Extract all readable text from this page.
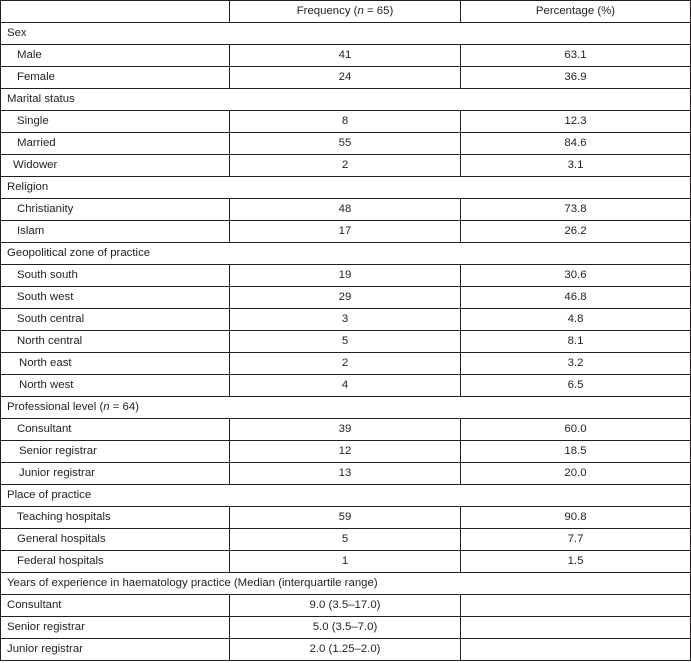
	Frequency (n = 65)	Percentage (%)
Sex		
Male	41	63.1
Female	24	36.9
Marital status		
Single	8	12.3
Married	55	84.6
Widower	2	3.1
Religion		
Christianity	48	73.8
Islam	17	26.2
Geopolitical zone of practice		
South south	19	30.6
South west	29	46.8
South central	3	4.8
North central	5	8.1
North east	2	3.2
North west	4	6.5
Professional level (n = 64)		
Consultant	39	60.0
Senior registrar	12	18.5
Junior registrar	13	20.0
Place of practice		
Teaching hospitals	59	90.8
General hospitals	5	7.7
Federal hospitals	1	1.5
Years of experience in haematology practice (Median (interquartile range)		
Consultant	9.0 (3.5–17.0)	
Senior registrar	5.0 (3.5–7.0)	
Junior registrar	2.0 (1.25–2.0)	
